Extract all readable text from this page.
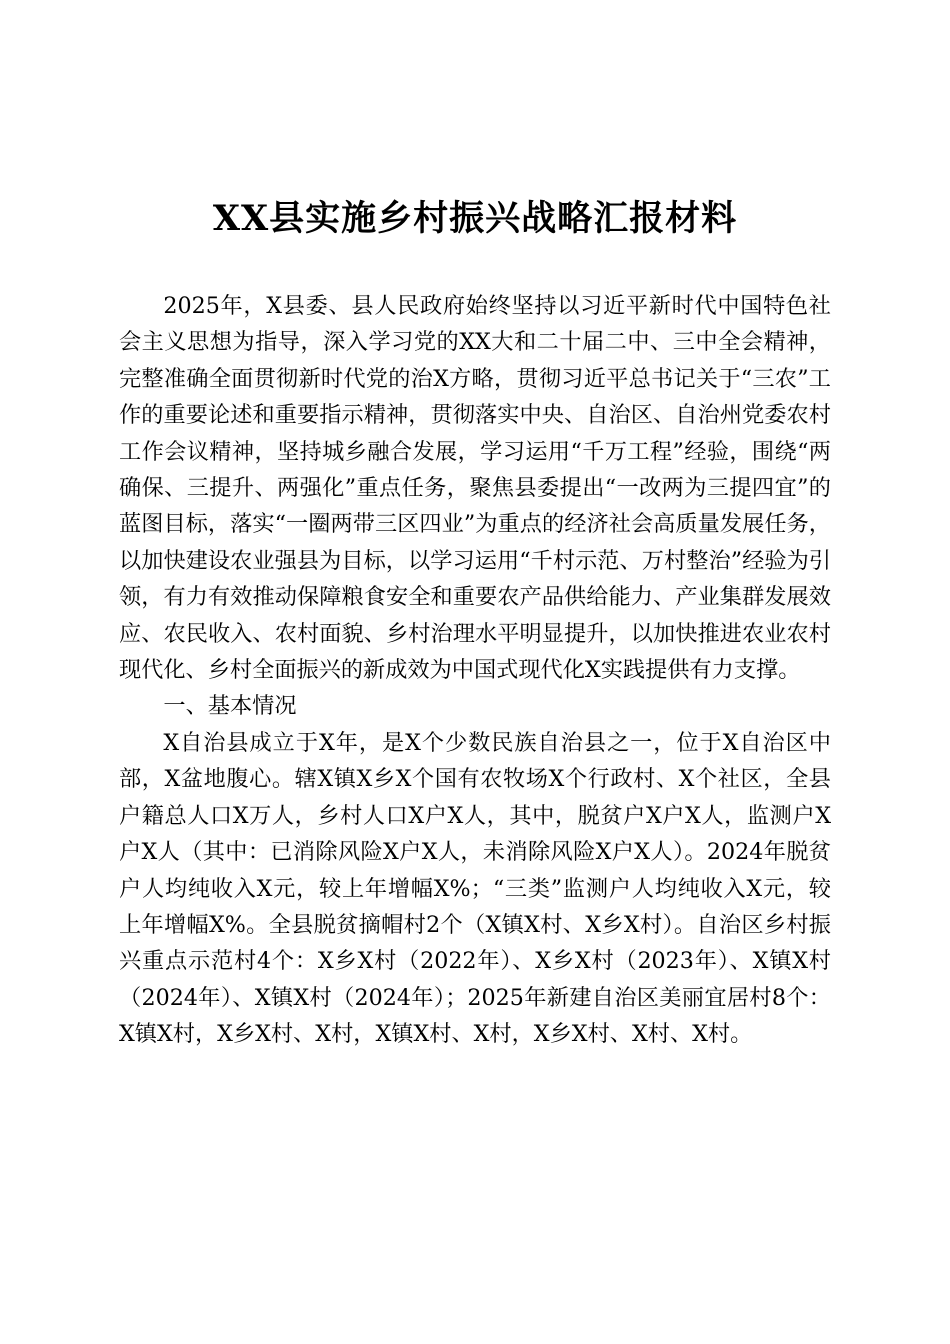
XX县实施乡村振兴战略汇报材料

2025年，X县委、县人民政府始终坚持以习近平新时代中国特色社会主义思想为指导，深入学习党的XX大和二十届二中、三中全会精神，完整准确全面贯彻新时代党的治X方略，贯彻习近平总书记关于“三农”工作的重要论述和重要指示精神，贯彻落实中央、自治区、自治州党委农村工作会议精神，坚持城乡融合发展，学习运用“千万工程”经验，围绕“两确保、三提升、两强化”重点任务，聚焦县委提出“一改两为三提四宜”的蓝图目标，落实“一圈两带三区四业”为重点的经济社会高质量发展任务，以加快建设农业强县为目标，以学习运用“千村示范、万村整治”经验为引领，有力有效推动保障粮食安全和重要农产品供给能力、产业集群发展效应、农民收入、农村面貌、乡村治理水平明显提升，以加快推进农业农村现代化、乡村全面振兴的新成效为中国式现代化X实践提供有力支撑。

一、基本情况

X自治县成立于X年，是X个少数民族自治县之一，位于X自治区中部，X盆地腹心。辖X镇X乡X个国有农牧场X个行政村、X个社区，全县户籍总人口X万人，乡村人口X户X人，其中，脱贫户X户X人，监测户X户X人（其中：已消除风险X户X人，未消除风险X户X人）。2024年脱贫户人均纯收入X元，较上年增幅X%；“三类”监测户人均纯收入X元，较上年增幅X%。全县脱贫摘帽村2个（X镇X村、X乡X村）。自治区乡村振兴重点示范村4个：X乡X村（2022年）、X乡X村（2023年）、X镇X村（2024年）、X镇X村（2024年）；2025年新建自治区美丽宜居村8个：X镇X村，X乡X村、X村，X镇X村、X村，X乡X村、X村、X村。
